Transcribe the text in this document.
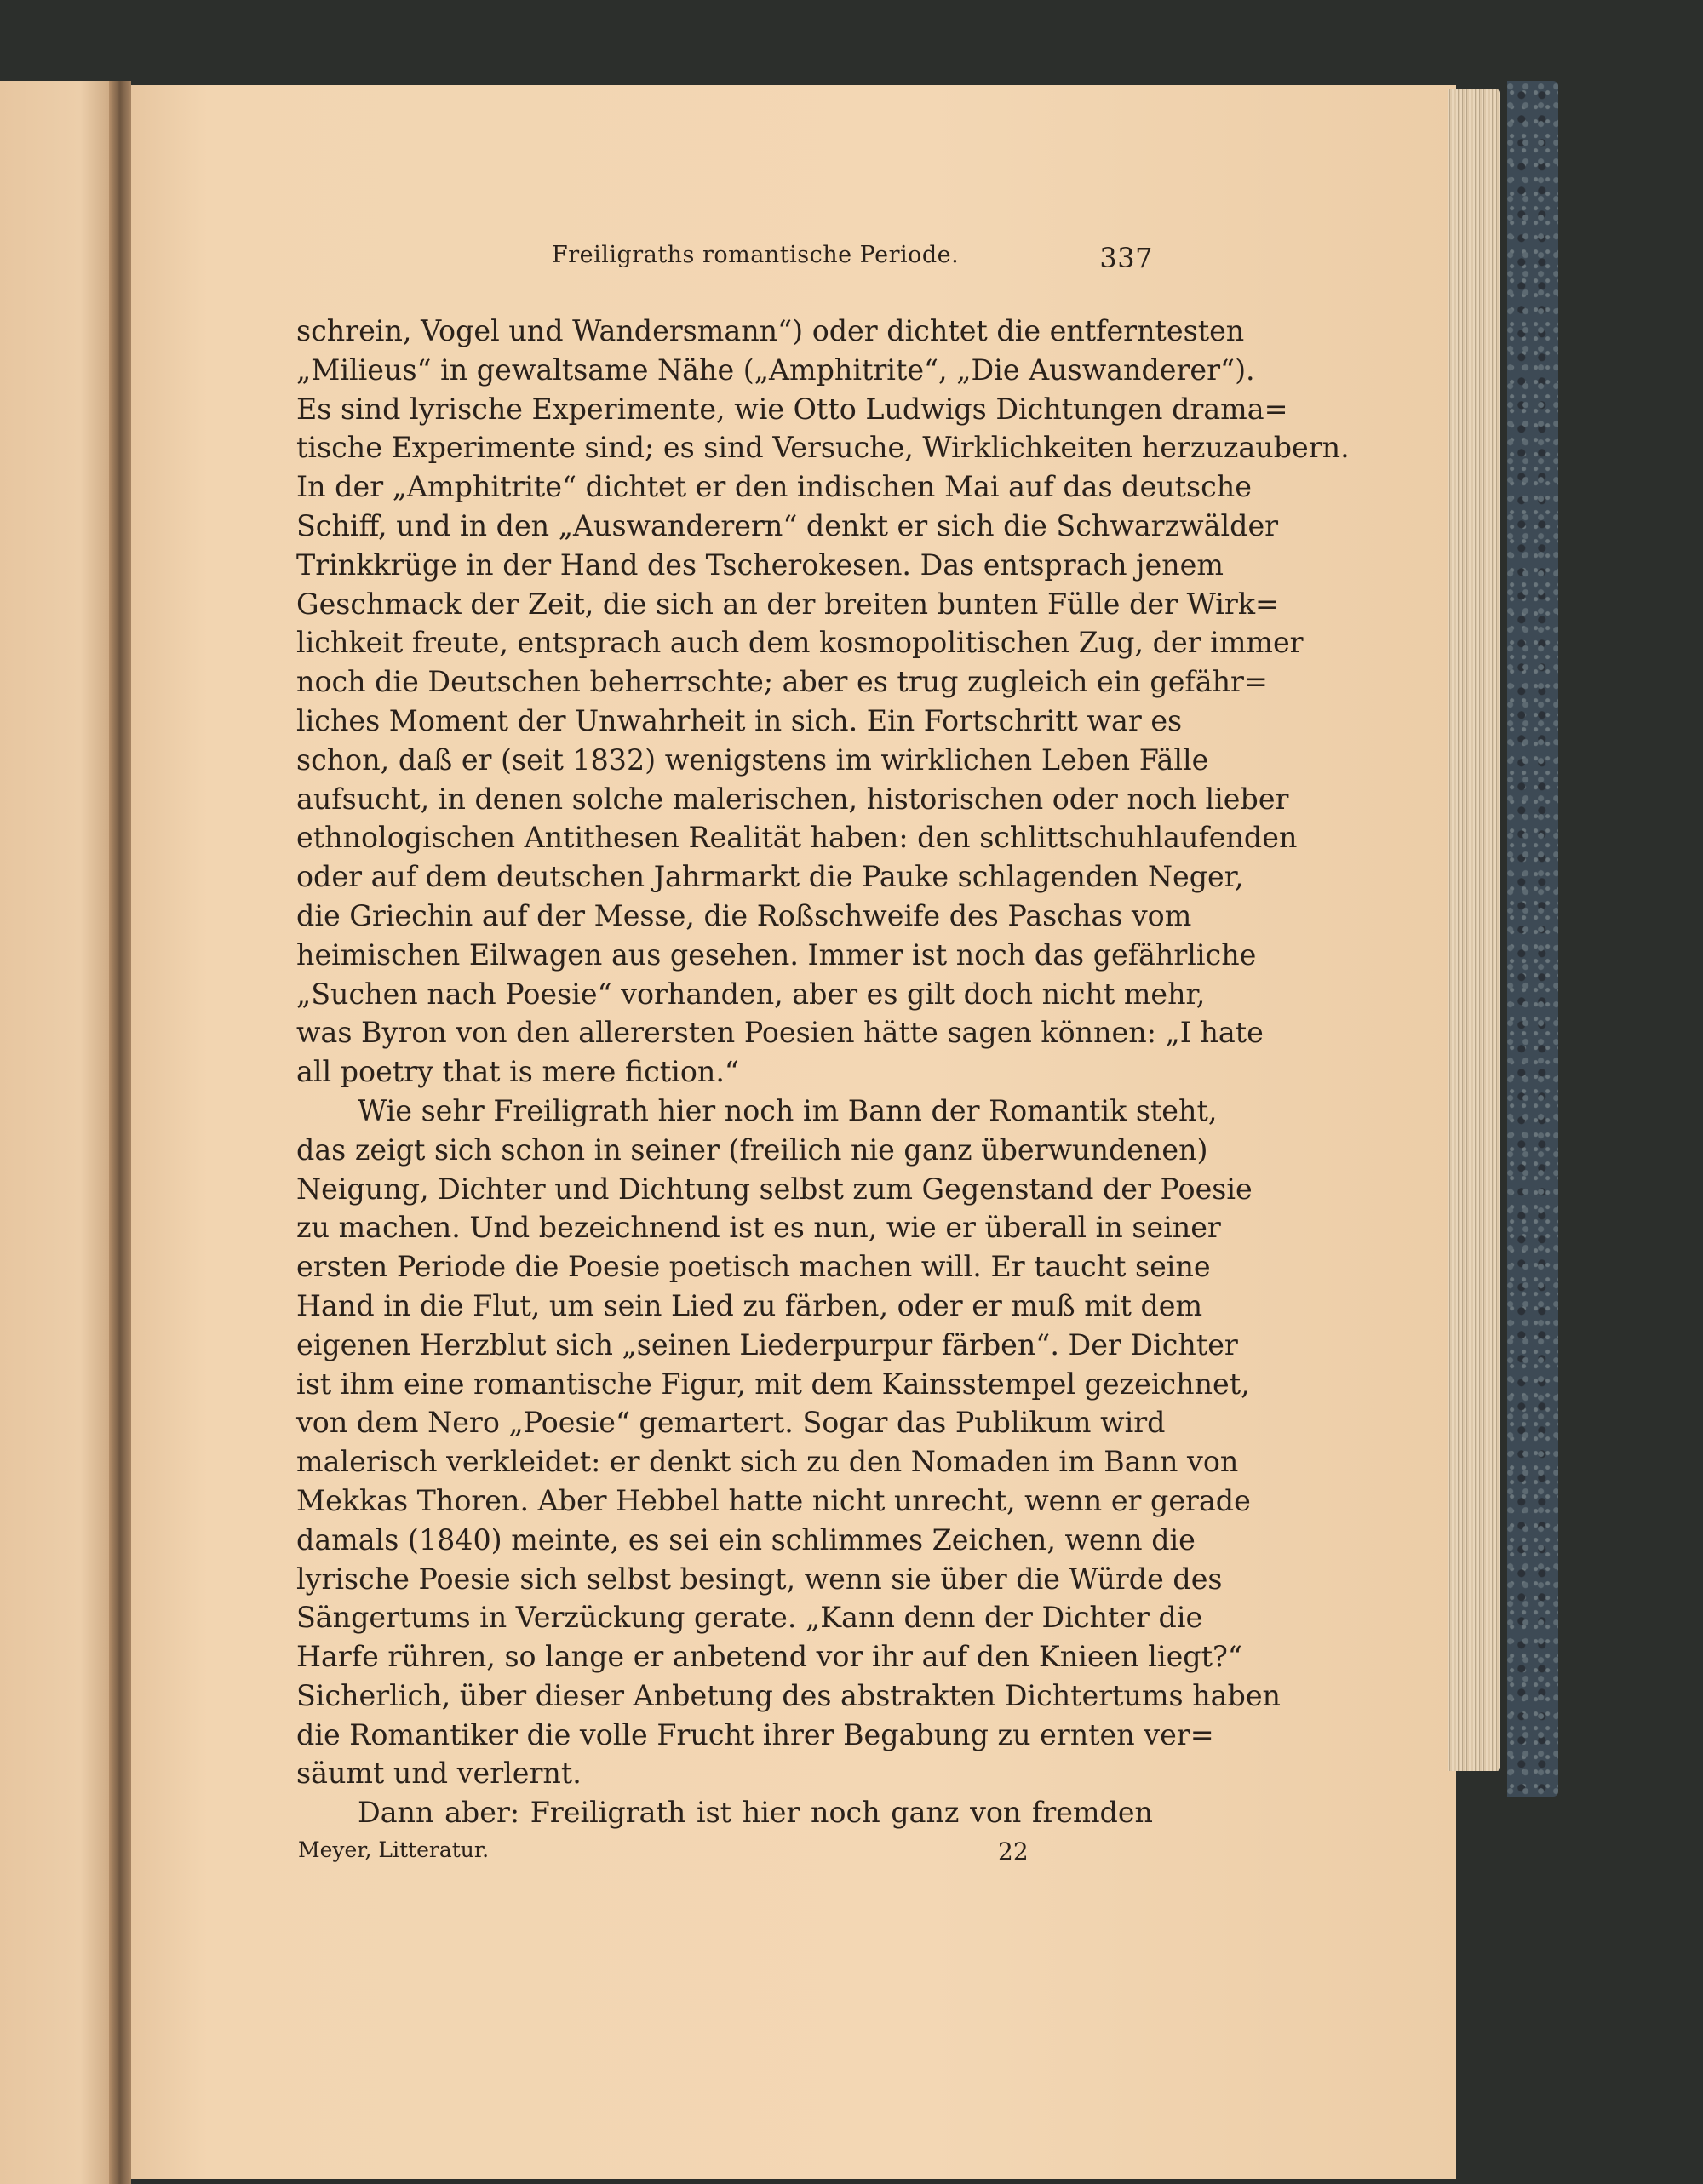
Freiligraths romantische Periode.	337
schrein, Vogel und Wandersmann“) oder dichtet die entferntesten
„Milieus“ in gewaltsame Nähe („Amphitrite“, „Die Auswanderer“).
Es sind lyrische Experimente, wie Otto Ludwigs Dichtungen drama=
tische Experimente sind; es sind Versuche, Wirklichkeiten herzuzaubern.
In der „Amphitrite“ dichtet er den indischen Mai auf das deutsche
Schiff, und in den „Auswanderern“ denkt er sich die Schwarzwälder
Trinkkrüge in der Hand des Tscherokesen. Das entsprach jenem
Geschmack der Zeit, die sich an der breiten bunten Fülle der Wirk=
lichkeit freute, entsprach auch dem kosmopolitischen Zug, der immer
noch die Deutschen beherrschte; aber es trug zugleich ein gefähr=
liches Moment der Unwahrheit in sich. Ein Fortschritt war es
schon, daß er (seit 1832) wenigstens im wirklichen Leben Fälle
aufsucht, in denen solche malerischen, historischen oder noch lieber
ethnologischen Antithesen Realität haben: den schlittschuhlaufenden
oder auf dem deutschen Jahrmarkt die Pauke schlagenden Neger,
die Griechin auf der Messe, die Roßschweife des Paschas vom
heimischen Eilwagen aus gesehen. Immer ist noch das gefährliche
„Suchen nach Poesie“ vorhanden, aber es gilt doch nicht mehr,
was Byron von den allerersten Poesien hätte sagen können: „I hate
all poetry that is mere fiction.“
Wie sehr Freiligrath hier noch im Bann der Romantik steht,
das zeigt sich schon in seiner (freilich nie ganz überwundenen)
Neigung, Dichter und Dichtung selbst zum Gegenstand der Poesie
zu machen. Und bezeichnend ist es nun, wie er überall in seiner
ersten Periode die Poesie poetisch machen will. Er taucht seine
Hand in die Flut, um sein Lied zu färben, oder er muß mit dem
eigenen Herzblut sich „seinen Liederpurpur färben“. Der Dichter
ist ihm eine romantische Figur, mit dem Kainsstempel gezeichnet,
von dem Nero „Poesie“ gemartert. Sogar das Publikum wird
malerisch verkleidet: er denkt sich zu den Nomaden im Bann von
Mekkas Thoren. Aber Hebbel hatte nicht unrecht, wenn er gerade
damals (1840) meinte, es sei ein schlimmes Zeichen, wenn die
lyrische Poesie sich selbst besingt, wenn sie über die Würde des
Sängertums in Verzückung gerate. „Kann denn der Dichter die
Harfe rühren, so lange er anbetend vor ihr auf den Knieen liegt?“
Sicherlich, über dieser Anbetung des abstrakten Dichtertums haben
die Romantiker die volle Frucht ihrer Begabung zu ernten ver=
säumt und verlernt.
Dann aber: Freiligrath ist hier noch ganz von fremden
Meyer, Litteratur.	22
